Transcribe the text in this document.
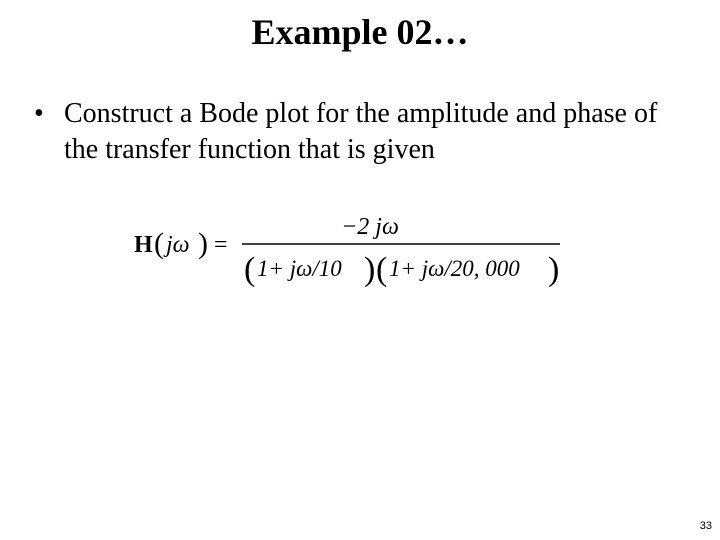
Example 02…
• Construct a Bode plot for the amplitude and phase of the transfer function that is given
H ( jω ) =
−2 jω
( 1+ jω/10 ) ( 1+ jω/20, 000 )
33
